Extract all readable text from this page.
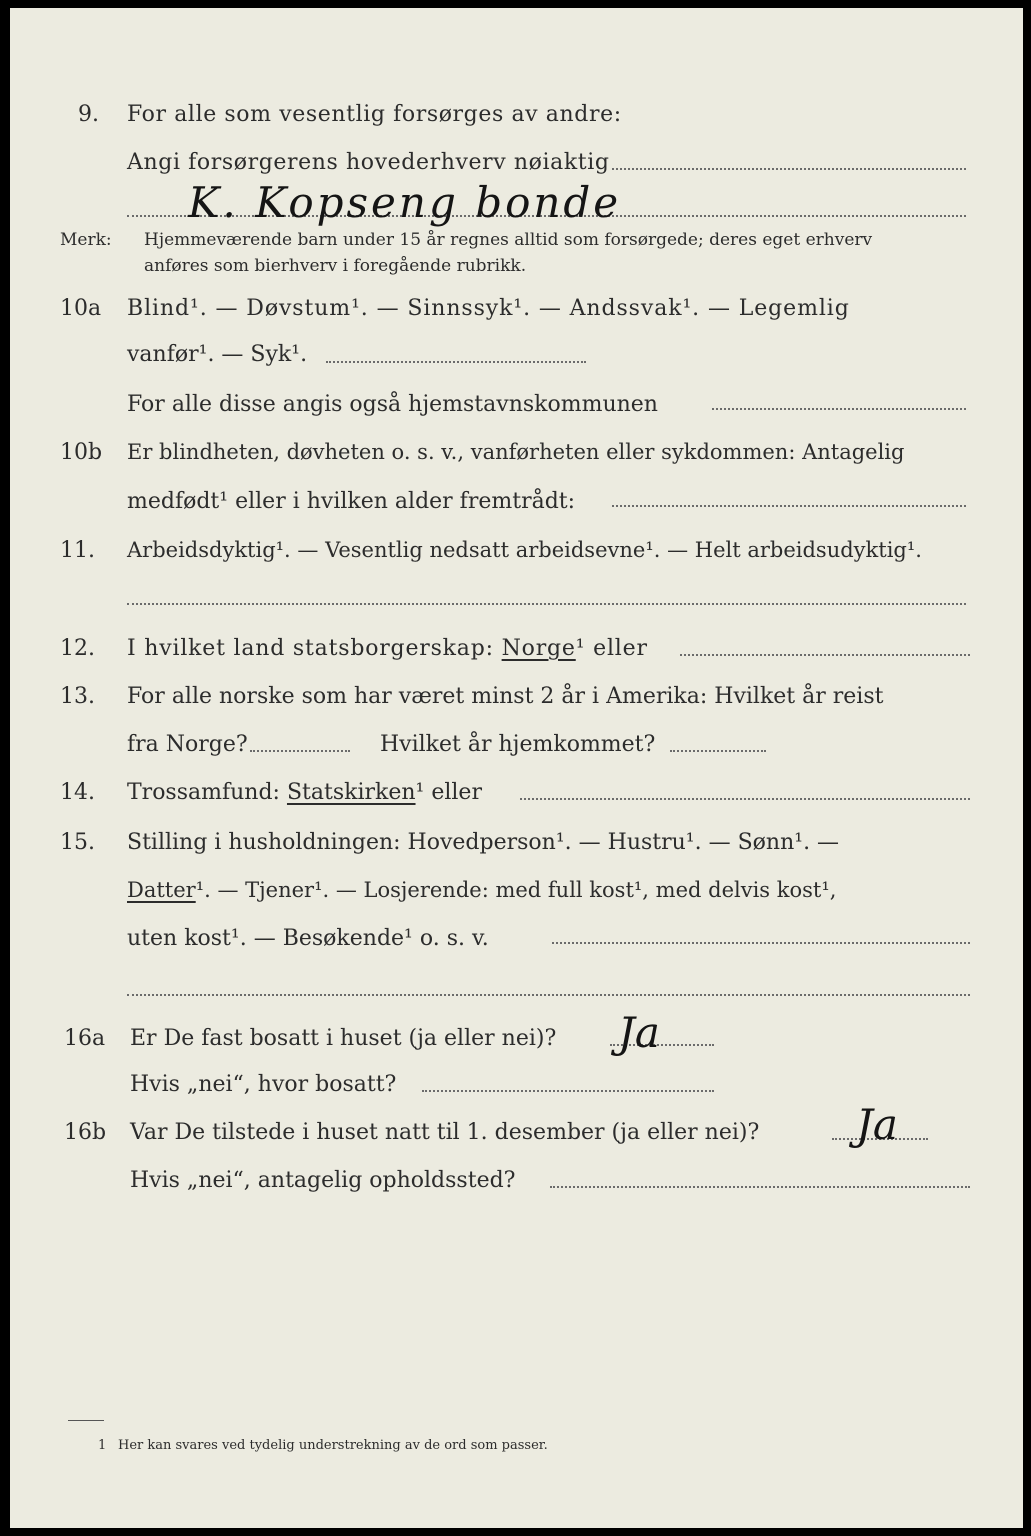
9. For alle som vesentlig forsørges av andre:
Angi forsørgerens hovederhverv nøiaktig
K. Kopseng bonde
Merk: Hjemmeværende barn under 15 år regnes alltid som forsørgede; deres eget erhverv
anføres som bierhverv i foregående rubrikk.
10a Blind¹. — Døvstum¹. — Sinnssyk¹. — Andssvak¹. — Legemlig
vanfør¹. — Syk¹.
For alle disse angis også hjemstavnskommunen
10b Er blindheten, døvheten o. s. v., vanførheten eller sykdommen: Antagelig
medfødt¹ eller i hvilken alder fremtrådt:
11. Arbeidsdyktig¹. — Vesentlig nedsatt arbeidsevne¹. — Helt arbeidsudyktig¹.
12. I hvilket land statsborgerskap: Norge¹ eller
13. For alle norske som har været minst 2 år i Amerika: Hvilket år reist
fra Norge?	Hvilket år hjemkommet?
14. Trossamfund: Statskirken¹ eller
15. Stilling i husholdningen: Hovedperson¹. — Hustru¹. — Sønn¹. —
Datter¹. — Tjener¹. — Losjerende: med full kost¹, med delvis kost¹,
uten kost¹. — Besøkende¹ o. s. v.
16a Er De fast bosatt i huset (ja eller nei)? Ja
Hvis „nei“, hvor bosatt?
16b Var De tilstede i huset natt til 1. desember (ja eller nei)? Ja
Hvis „nei“, antagelig opholdssted?
1 Her kan svares ved tydelig understrekning av de ord som passer.
